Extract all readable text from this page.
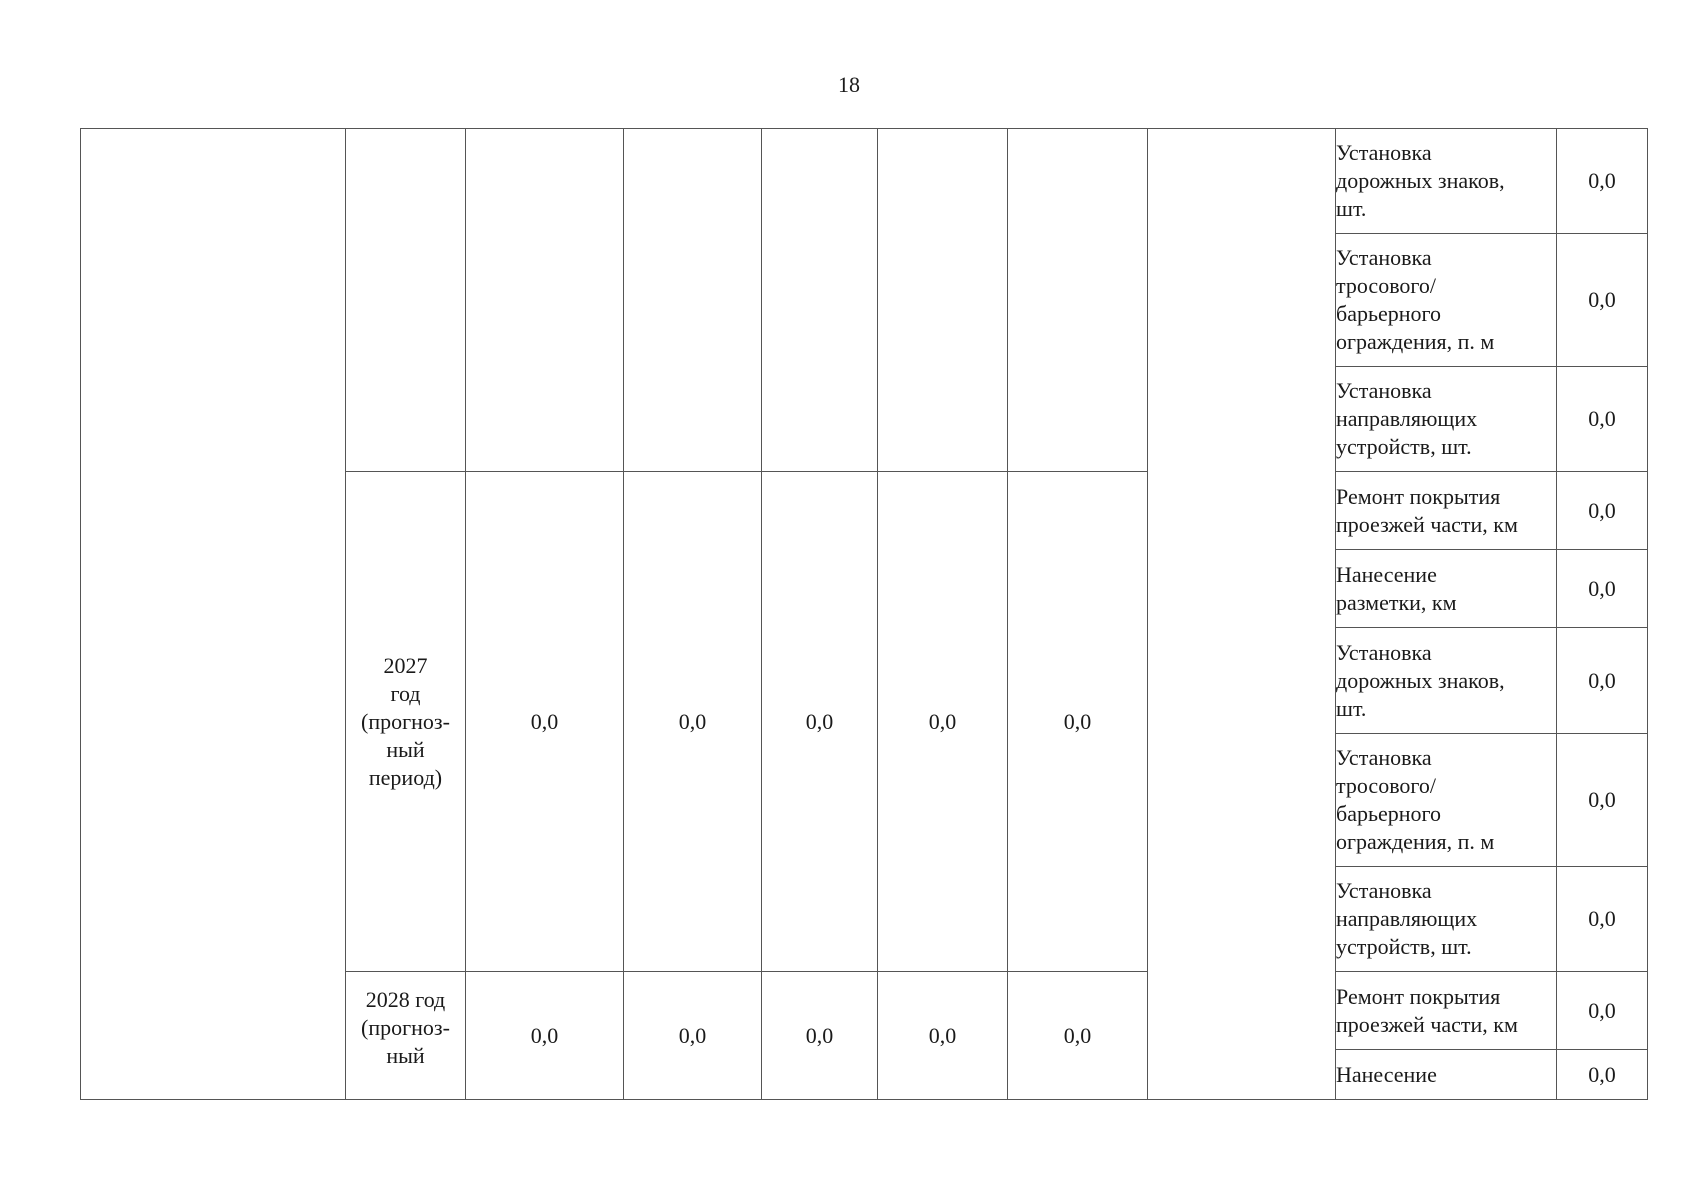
18

								Установка
дорожных знаков,
шт.	0,0

								Установка
тросового/
барьерного
ограждения, п. м	0,0

								Установка
направляющих
устройств, шт.	0,0

	2027
год
(прогноз-
ный
период)	0,0	0,0	0,0	0,0	0,0		Ремонт покрытия
проезжей части, км	0,0

								Нанесение
разметки, км	0,0

								Установка
дорожных знаков,
шт.	0,0

								Установка
тросового/
барьерного
ограждения, п. м	0,0

								Установка
направляющих
устройств, шт.	0,0

	2028 год
(прогноз-
ный	0,0	0,0	0,0	0,0	0,0		Ремонт покрытия
проезжей части, км	0,0

								Нанесение	0,0
